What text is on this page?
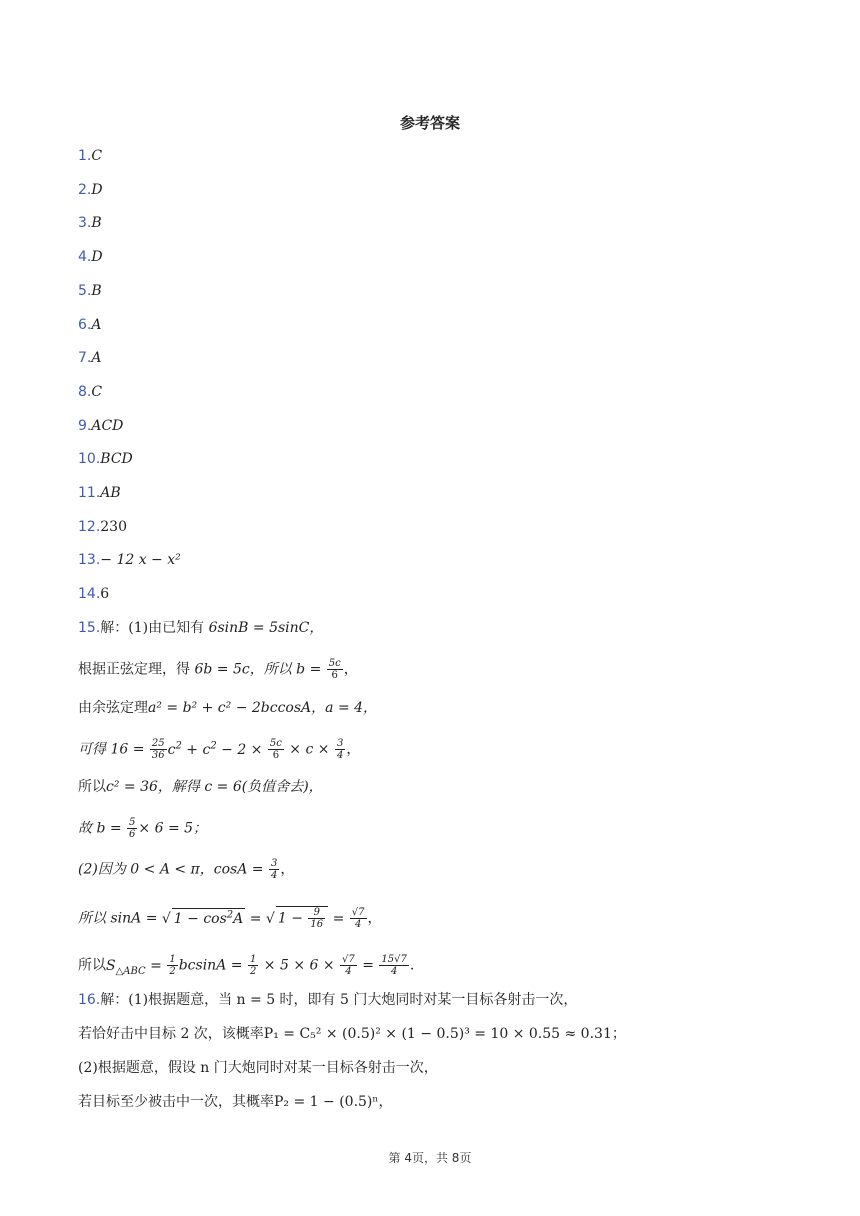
参考答案
1.C
2.D
3.B
4.D
5.B
6.A
7.A
8.C
9.ACD
10.BCD
11.AB
12.230
13.− 12 x − x²
14.6
15.解：(1)由已知有 6sinB = 5sinC，
根据正弦定理，得 6b = 5c，所以 $b = \frac{5c}{6}$ ，
由余弦定理a² = b² + c² − 2bccosA，a = 4，
可得 $16 = \frac{25}{36} c^2 + c^2 - 2 \times \frac{5c}{6} \times c \times \frac{3}{4}$ ，
所以c² = 36，解得 c = 6(负值舍去)，
故 $b = \frac{5}{6} \times 6 = 5$；
(2)因为 0 < A < π，$\cos A = \frac{3}{4}$ ，
所以 sinA = √ $1 - \cos^2A$ = √ $1 - \frac{9}{16} = \frac{√7}{4}$ ，
所以$S_{\triangle ABC} = \frac{1}{2}$ $bcsinA = \frac{1}{2} \times 5 \times 6 \times \frac{√7}{4} = \frac{15√7}{4}$ .
16.解：(1)根据题意，当 n = 5 时，即有 5 门大炮同时对某一目标各射击一次，
若恰好击中目标 2 次，该概率P₁ = C₅² × (0.5)² × (1 − 0.5)³ = 10 × 0.55 ≈ 0.31；
(2)根据题意，假设 n 门大炮同时对某一目标各射击一次，
若目标至少被击中一次，其概率P₂ = 1 − (0.5)ⁿ，
第 4页，共 8页
